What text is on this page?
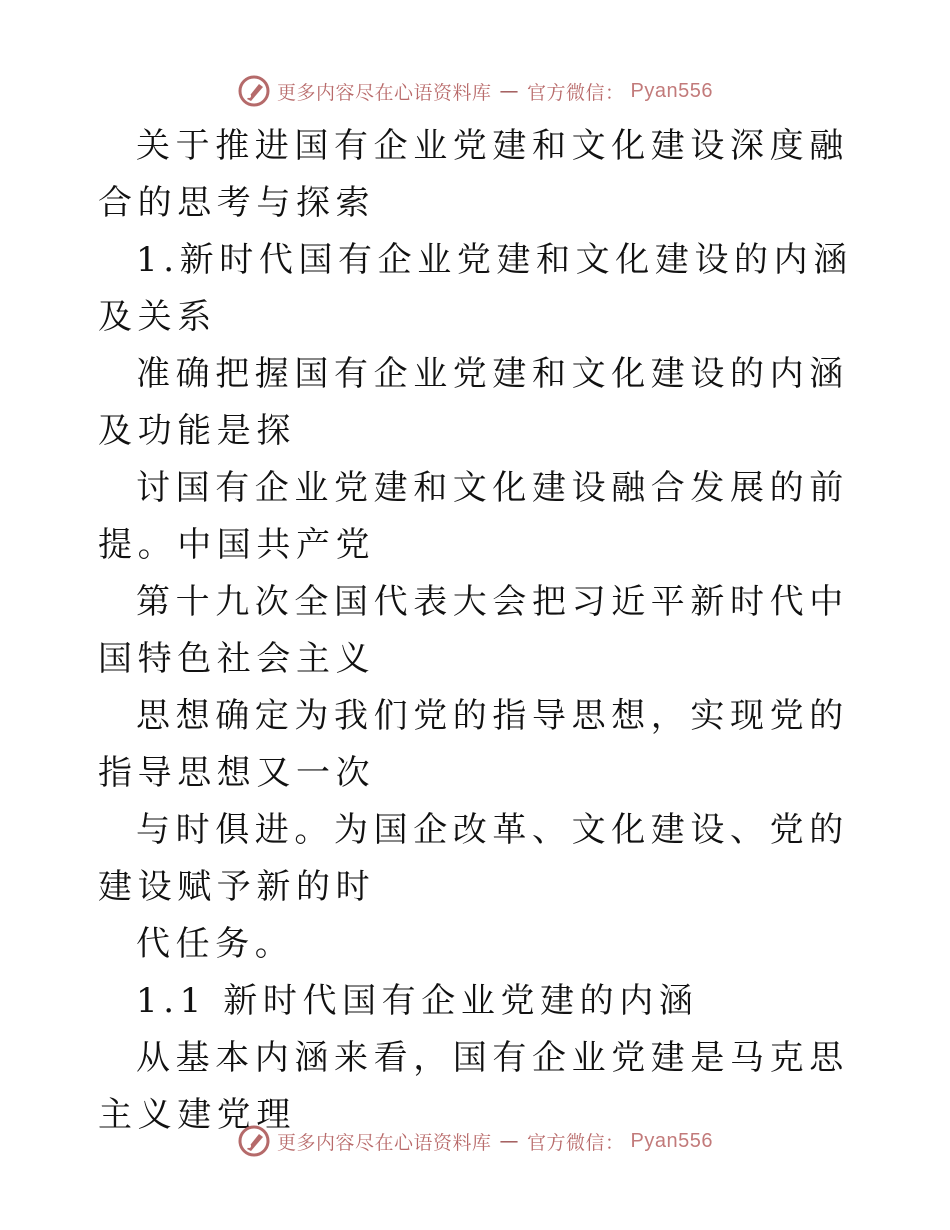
更多内容尽在心语资料库 — 官方微信： Pyan556

关于推进国有企业党建和文化建设深度融合的思考与探索

1.新时代国有企业党建和文化建设的内涵及关系

准确把握国有企业党建和文化建设的内涵及功能是探

讨国有企业党建和文化建设融合发展的前提。中国共产党

第十九次全国代表大会把习近平新时代中国特色社会主义

思想确定为我们党的指导思想，实现党的指导思想又一次

与时俱进。为国企改革、文化建设、党的建设赋予新的时

代任务。

1.1 新时代国有企业党建的内涵

从基本内涵来看，国有企业党建是马克思主义建党理

更多内容尽在心语资料库 — 官方微信： Pyan556
